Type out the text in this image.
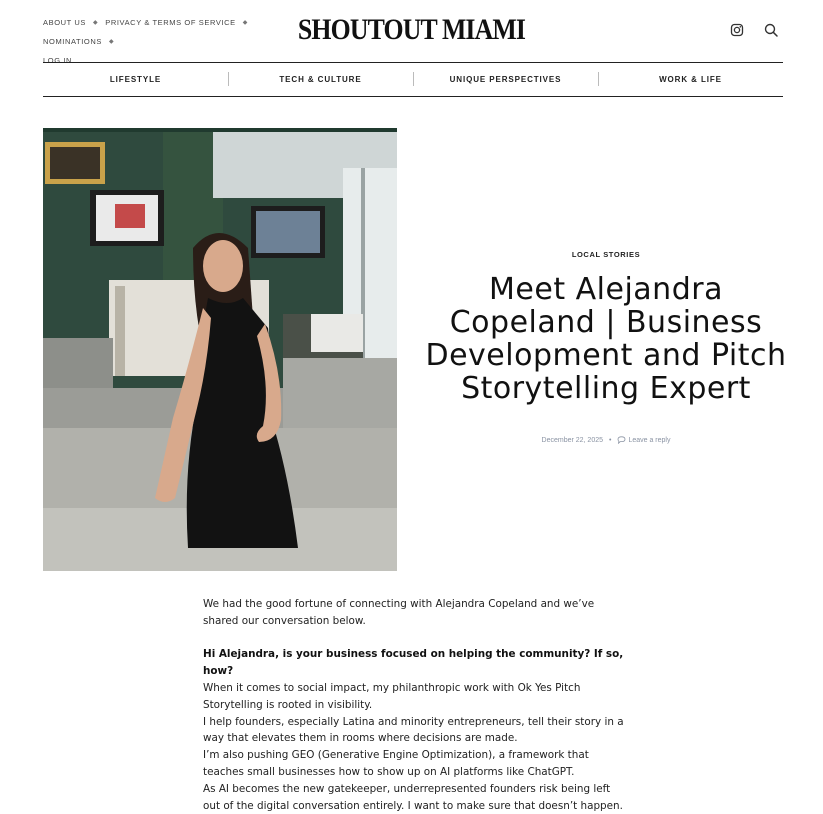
ABOUT US ◆ PRIVACY & TERMS OF SERVICE ◆NOMINATIONS ◆
LOG IN
SHOUTOUT MIAMI
LIFESTYLE	TECH & CULTURE	UNIQUE PERSPECTIVES	WORK & LIFE
LOCAL STORIES
Meet Alejandra Copeland | Business Development and Pitch Storytelling Expert
December 22, 2025 • Leave a reply

We had the good fortune of connecting with Alejandra Copeland and we’ve shared our conversation below.

Hi Alejandra, is your business focused on helping the community? If so, how?

When it comes to social impact, my philanthropic work with Ok Yes Pitch Storytelling is rooted in visibility.

I help founders, especially Latina and minority entrepreneurs, tell their story in a way that elevates them in rooms where decisions are made.

I’m also pushing GEO (Generative Engine Optimization), a framework that teaches small businesses how to show up on AI platforms like ChatGPT.

As AI becomes the new gatekeeper, underrepresented founders risk being left out of the digital conversation entirely. I want to make sure that doesn’t happen.
